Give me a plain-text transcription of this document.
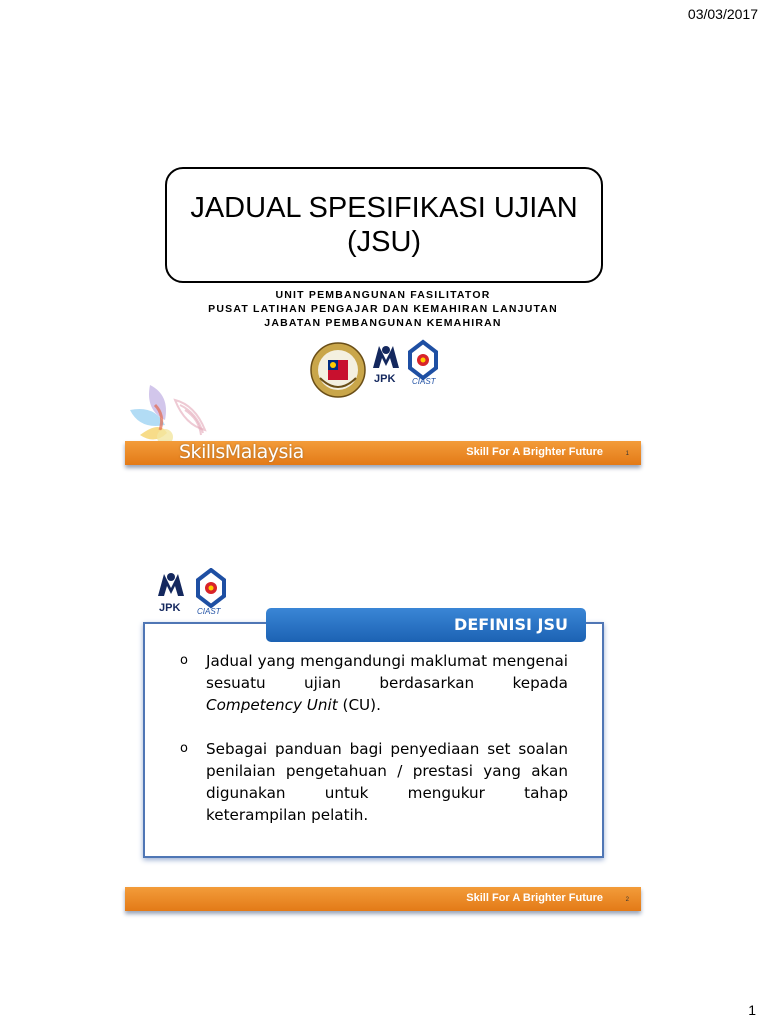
03/03/2017
JADUAL SPESIFIKASI UJIAN
(JSU)
UNIT PEMBANGUNAN FASILITATOR
PUSAT LATIHAN PENGAJAR DAN KEMAHIRAN LANJUTAN
JABATAN PEMBANGUNAN KEMAHIRAN
JPK CIAST
SkillsMalaysia	Skill For A Brighter Future	1
JPK CIAST
DEFINISI JSU
o Jadual yang mengandungi maklumat mengenai sesuatu ujian berdasarkan kepada Competency Unit (CU).
o Sebagai panduan bagi penyediaan set soalan penilaian pengetahuan / prestasi yang akan digunakan untuk mengukur tahap keterampilan pelatih.
Skill For A Brighter Future	2
1
